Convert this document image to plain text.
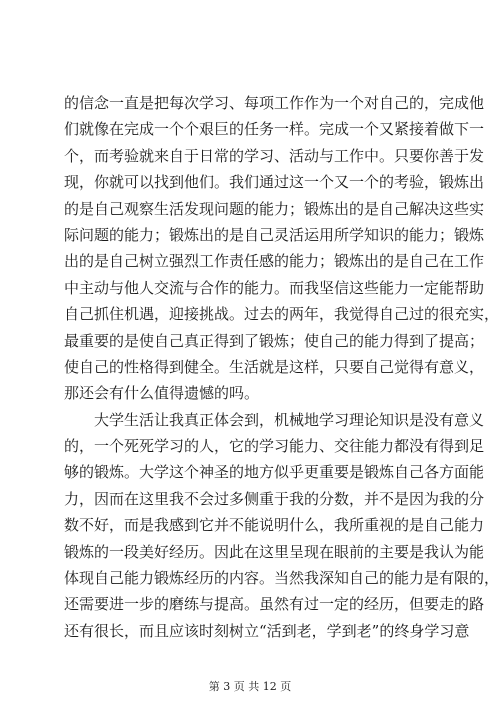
的信念一直是把每次学习、每项工作作为一个对自己的，完成他
们就像在完成一个个艰巨的任务一样。完成一个又紧接着做下一
个，而考验就来自于日常的学习、活动与工作中。只要你善于发
现，你就可以找到他们。我们通过这一个又一个的考验，锻炼出
的是自己观察生活发现问题的能力；锻炼出的是自己解决这些实
际问题的能力；锻炼出的是自己灵活运用所学知识的能力；锻炼
出的是自己树立强烈工作责任感的能力；锻炼出的是自己在工作
中主动与他人交流与合作的能力。而我坚信这些能力一定能帮助
自己抓住机遇，迎接挑战。过去的两年，我觉得自己过的很充实，
最重要的是使自己真正得到了锻炼；使自己的能力得到了提高；
使自己的性格得到健全。生活就是这样，只要自己觉得有意义，
那还会有什么值得遗憾的吗。
大学生活让我真正体会到，机械地学习理论知识是没有意义
的，一个死死学习的人，它的学习能力、交往能力都没有得到足
够的锻炼。大学这个神圣的地方似乎更重要是锻炼自己各方面能
力，因而在这里我不会过多侧重于我的分数，并不是因为我的分
数不好，而是我感到它并不能说明什么，我所重视的是自己能力
锻炼的一段美好经历。因此在这里呈现在眼前的主要是我认为能
体现自己能力锻炼经历的内容。当然我深知自己的能力是有限的，
还需要进一步的磨练与提高。虽然有过一定的经历，但要走的路
还有很长，而且应该时刻树立“活到老，学到老”的终身学习意
第 3 页 共 12 页
